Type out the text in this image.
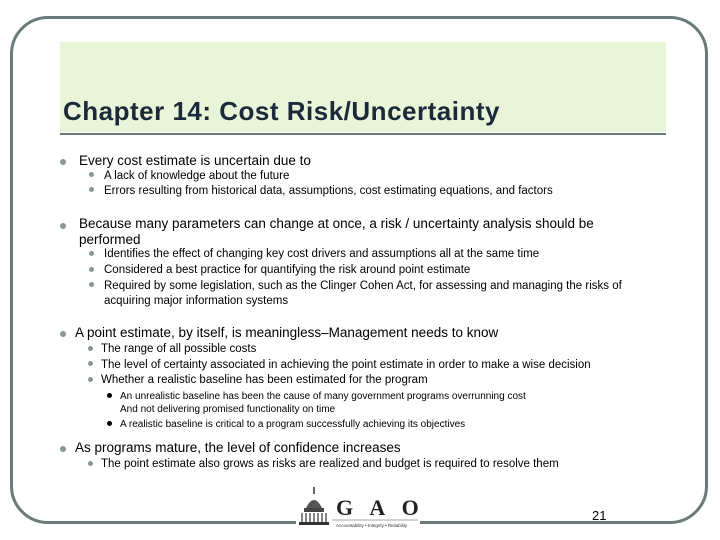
Chapter 14: Cost Risk/Uncertainty
Every cost estimate is uncertain due to
A lack of knowledge about the future
Errors resulting from historical data, assumptions, cost estimating equations, and factors
Because many parameters can change at once, a risk / uncertainty analysis should be
performed
Identifies the effect of changing key cost drivers and assumptions all at the same time
Considered a best practice for quantifying the risk around point estimate
Required by some legislation, such as the Clinger Cohen Act, for assessing and managing the risks of
acquiring major information systems
A point estimate, by itself, is meaningless–Management needs to know
The range of all possible costs
The level of certainty associated in achieving the point estimate in order to make a wise decision
Whether a realistic baseline has been estimated for the program
An unrealistic baseline has been the cause of many government programs overrunning cost
And not delivering promised functionality on time
A realistic baseline is critical to a program successfully achieving its objectives
As programs mature, the level of confidence increases
The point estimate also grows as risks are realized and budget is required to resolve them
G A O
Accountability • Integrity • Reliability
21
